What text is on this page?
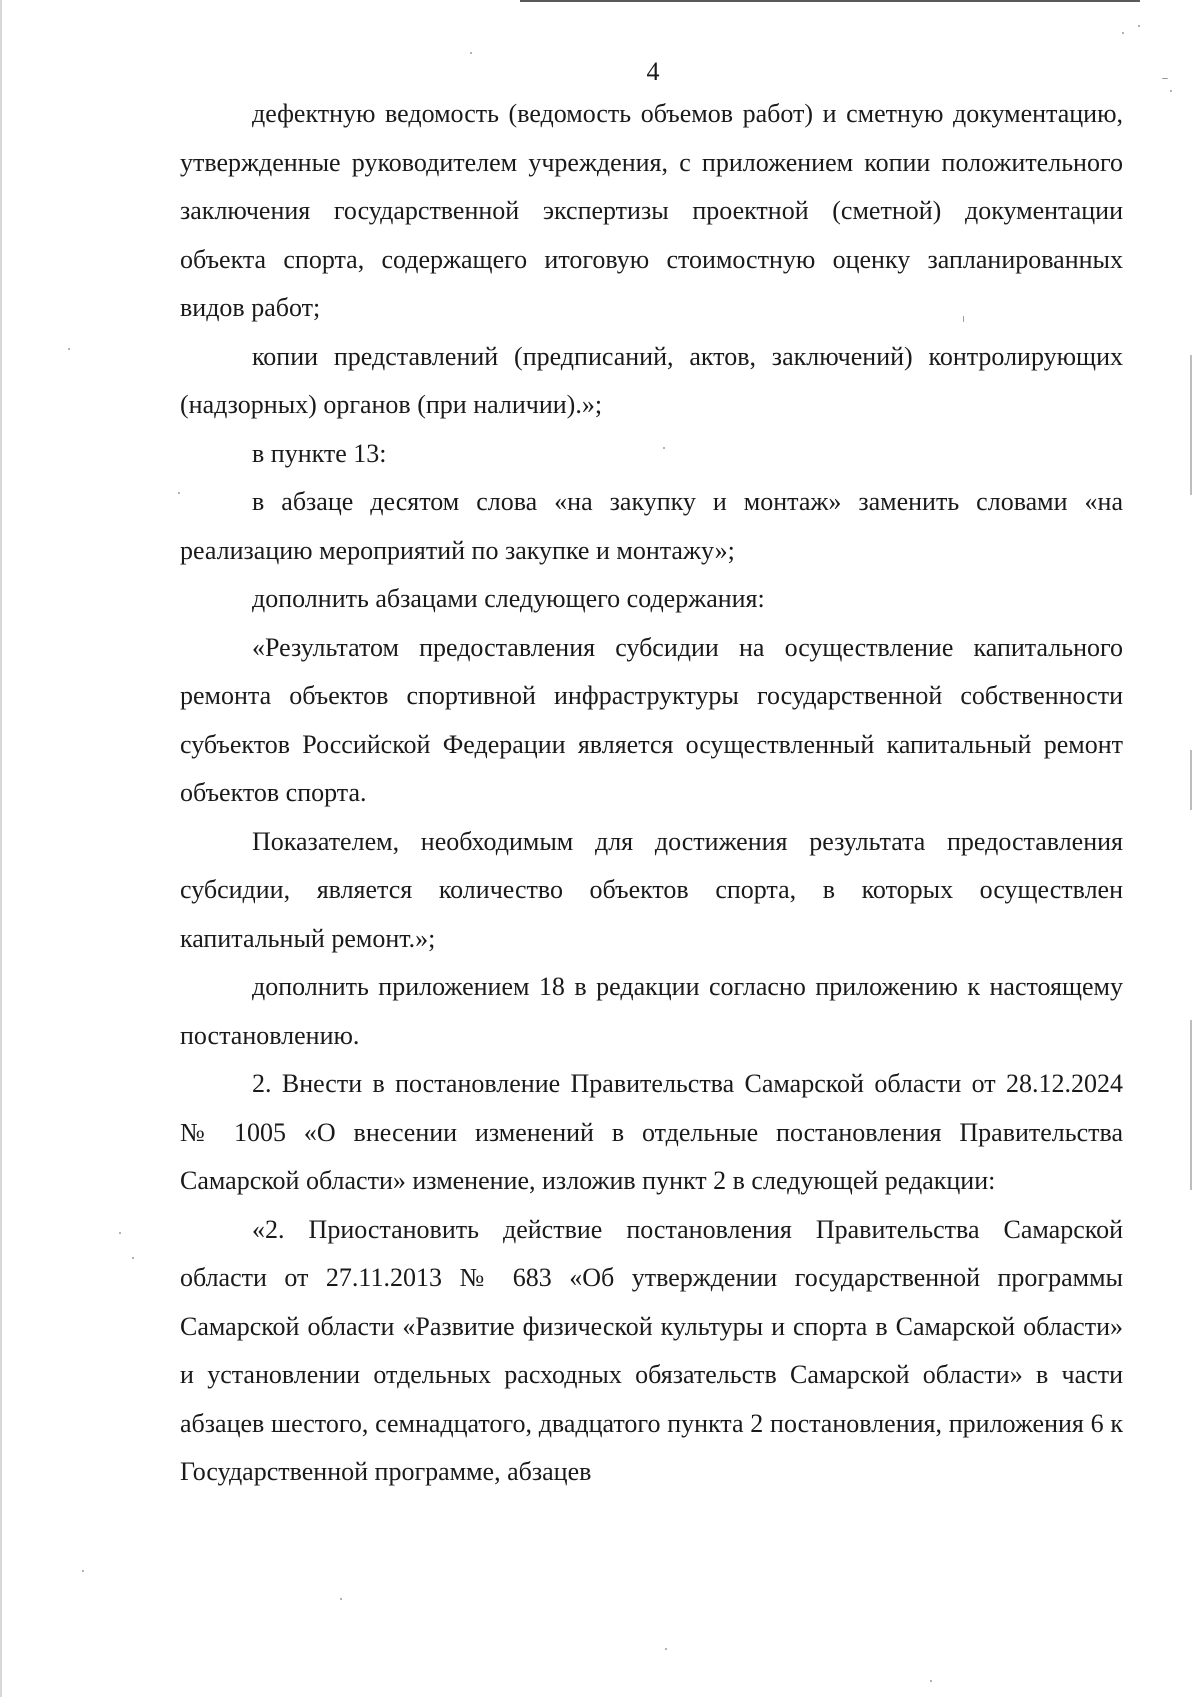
4

дефектную ведомость (ведомость объемов работ) и сметную документацию, утвержденные руководителем учреждения, с приложением копии положительного заключения государственной экспертизы проектной (сметной) документации объекта спорта, содержащего итоговую стоимостную оценку запланированных видов работ;

копии представлений (предписаний, актов, заключений) контролирующих (надзорных) органов (при наличии).»;

в пункте 13:

в абзаце десятом слова «на закупку и монтаж» заменить словами «на реализацию мероприятий по закупке и монтажу»;

дополнить абзацами следующего содержания:

«Результатом предоставления субсидии на осуществление капитального ремонта объектов спортивной инфраструктуры государственной собственности субъектов Российской Федерации является осуществленный капитальный ремонт объектов спорта.

Показателем, необходимым для достижения результата предоставления субсидии, является количество объектов спорта, в которых осуществлен капитальный ремонт.»;

дополнить приложением 18 в редакции согласно приложению к настоящему постановлению.

2. Внести в постановление Правительства Самарской области от 28.12.2024 № 1005 «О внесении изменений в отдельные постановления Правительства Самарской области» изменение, изложив пункт 2 в следующей редакции:

«2. Приостановить действие постановления Правительства Самарской области от 27.11.2013 № 683 «Об утверждении государственной программы Самарской области «Развитие физической культуры и спорта в Самарской области» и установлении отдельных расходных обязательств Самарской области» в части абзацев шестого, семнадцатого, двадцатого пункта 2 постановления, приложения 6 к Государственной программе, абзацев
